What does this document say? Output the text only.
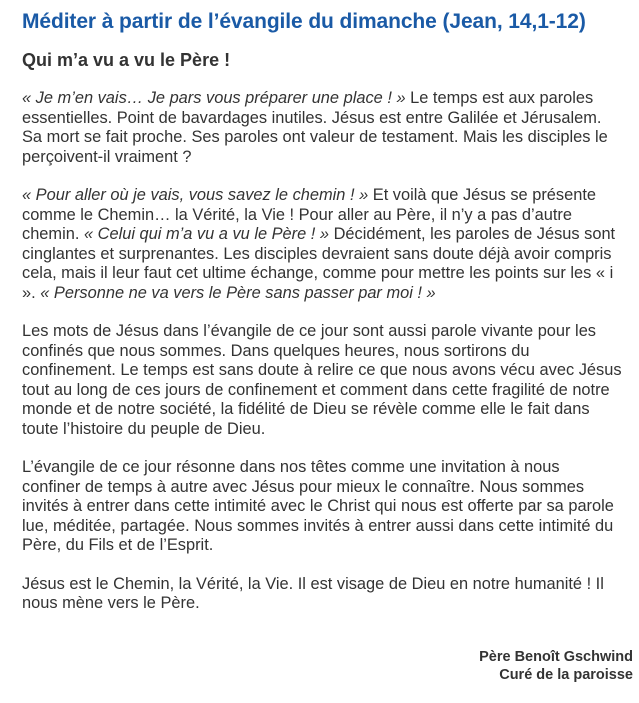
Méditer à partir de l’évangile du dimanche (Jean, 14,1-12)
Qui m’a vu a vu le Père !

« Je m’en vais… Je pars vous préparer une place ! » Le temps est aux paroles essentielles. Point de bavardages inutiles. Jésus est entre Galilée et Jérusalem. Sa mort se fait proche. Ses paroles ont valeur de testament. Mais les disciples le perçoivent-il vraiment ?

« Pour aller où je vais, vous savez le chemin ! » Et voilà que Jésus se présente comme le Chemin… la Vérité, la Vie ! Pour aller au Père, il n’y a pas d’autre chemin. « Celui qui m’a vu a vu le Père ! » Décidément, les paroles de Jésus sont cinglantes et surprenantes. Les disciples devraient sans doute déjà avoir compris cela, mais il leur faut cet ultime échange, comme pour mettre les points sur les « i ». « Personne ne va vers le Père sans passer par moi ! »

Les mots de Jésus dans l’évangile de ce jour sont aussi parole vivante pour les confinés que nous sommes. Dans quelques heures, nous sortirons du confinement. Le temps est sans doute à relire ce que nous avons vécu avec Jésus tout au long de ces jours de confinement et comment dans cette fragilité de notre monde et de notre société, la fidélité de Dieu se révèle comme elle le fait dans toute l’histoire du peuple de Dieu.

L’évangile de ce jour résonne dans nos têtes comme une invitation à nous confiner de temps à autre avec Jésus pour mieux le connaître. Nous sommes invités à entrer dans cette intimité avec le Christ qui nous est offerte par sa parole lue, méditée, partagée. Nous sommes invités à entrer aussi dans cette intimité du Père, du Fils et de l’Esprit.

Jésus est le Chemin, la Vérité, la Vie. Il est visage de Dieu en notre humanité ! Il nous mène vers le Père.

Père Benoît Gschwind
Curé de la paroisse
